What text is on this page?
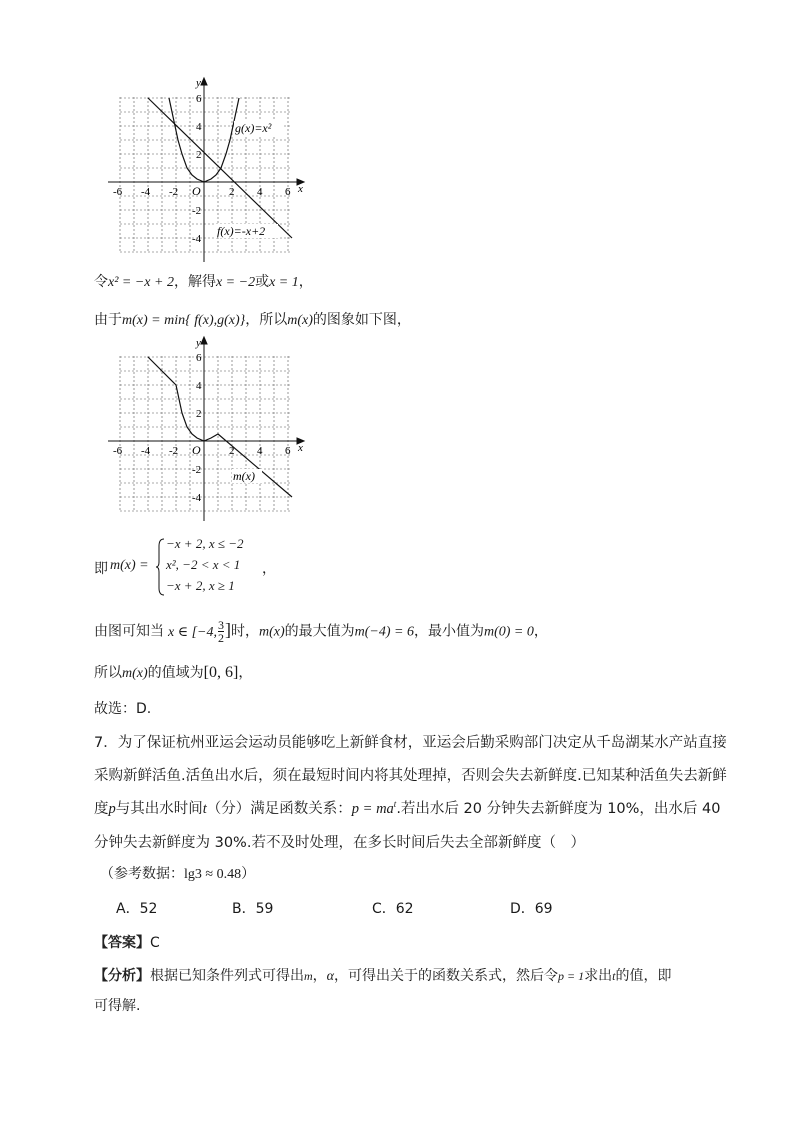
y
x
O
-6 -4 -2	2 4 6
6
4
2
-2
-4
g(x)=x²
f(x)=-x+2
令x² = −x + 2，解得x = −2或x = 1，
由于m(x) = min{ f(x),g(x)}，所以m(x)的图象如下图，
y
x
O
-6 -4 -2	2 4 6
6
4
2
-2
-4
m(x)
即 m(x) =
−x + 2, x ≤ −2
x², −2 < x < 1
−x + 2, x ≥ 1
，
由图可知当 x ∈ [−4, $\frac{3}{2}$ ]时，m(x)的最大值为m(−4) = 6，最小值为m(0) = 0，
所以m(x)的值域为[0, 6]，
故选：D.
7．为了保证杭州亚运会运动员能够吃上新鲜食材，亚运会后勤采购部门决定从千岛湖某水产站直接
采购新鲜活鱼.活鱼出水后，须在最短时间内将其处理掉，否则会失去新鲜度.已知某种活鱼失去新鲜
度p与其出水时间t（分）满足函数关系：$p = ma^t$.若出水后 20 分钟失去新鲜度为 10%，出水后 40
分钟失去新鲜度为 30%.若不及时处理，在多长时间后失去全部新鲜度（　）
（参考数据：lg3 ≈ 0.48）
A．52	B．59	C．62	D．69
【答案】C
【分析】根据已知条件列式可得出m，α，可得出关于的函数关系式，然后令p = 1求出t的值，即
可得解.
